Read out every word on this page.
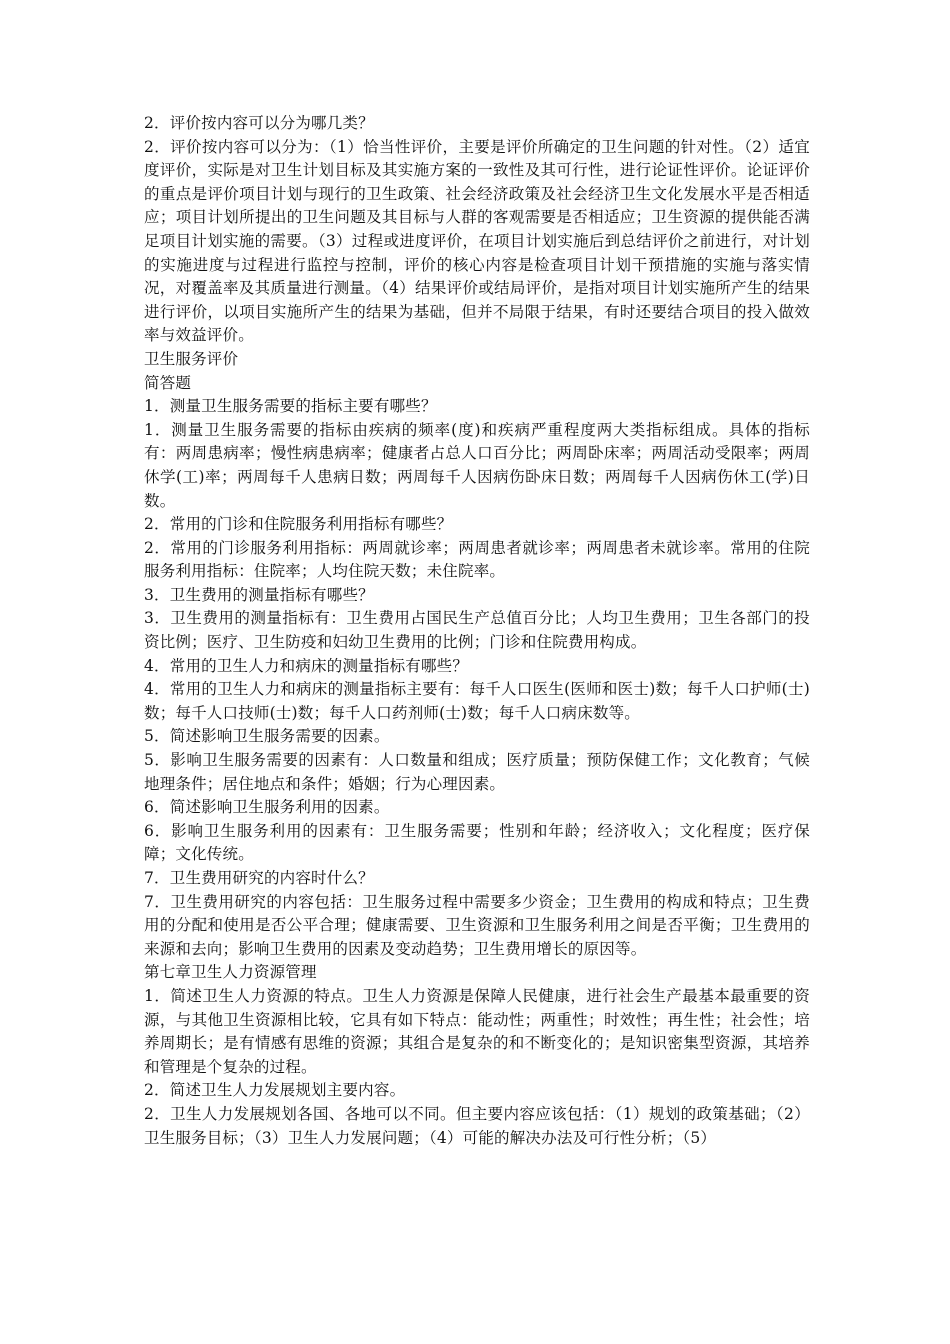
2．评价按内容可以分为哪几类？

2．评价按内容可以分为：（1）恰当性评价，主要是评价所确定的卫生问题的针对性。（2）适宜度评价，实际是对卫生计划目标及其实施方案的一致性及其可行性，进行论证性评价。论证评价的重点是评价项目计划与现行的卫生政策、社会经济政策及社会经济卫生文化发展水平是否相适应；项目计划所提出的卫生问题及其目标与人群的客观需要是否相适应；卫生资源的提供能否满足项目计划实施的需要。（3）过程或进度评价，在项目计划实施后到总结评价之前进行，对计划的实施进度与过程进行监控与控制，评价的核心内容是检查项目计划干预措施的实施与落实情况，对覆盖率及其质量进行测量。（4）结果评价或结局评价，是指对项目计划实施所产生的结果进行评价，以项目实施所产生的结果为基础，但并不局限于结果，有时还要结合项目的投入做效率与效益评价。

卫生服务评价

简答题

1．测量卫生服务需要的指标主要有哪些？

1．测量卫生服务需要的指标由疾病的频率(度)和疾病严重程度两大类指标组成。具体的指标有：两周患病率；慢性病患病率；健康者占总人口百分比；两周卧床率；两周活动受限率；两周休学(工)率；两周每千人患病日数；两周每千人因病伤卧床日数；两周每千人因病伤休工(学)日数。

2．常用的门诊和住院服务利用指标有哪些？

2．常用的门诊服务利用指标：两周就诊率；两周患者就诊率；两周患者未就诊率。常用的住院服务利用指标：住院率；人均住院天数；未住院率。

3．卫生费用的测量指标有哪些？

3．卫生费用的测量指标有：卫生费用占国民生产总值百分比；人均卫生费用；卫生各部门的投资比例；医疗、卫生防疫和妇幼卫生费用的比例；门诊和住院费用构成。

4．常用的卫生人力和病床的测量指标有哪些？

4．常用的卫生人力和病床的测量指标主要有：每千人口医生(医师和医士)数；每千人口护师(士)数；每千人口技师(士)数；每千人口药剂师(士)数；每千人口病床数等。

5．简述影响卫生服务需要的因素。

5．影响卫生服务需要的因素有：人口数量和组成；医疗质量；预防保健工作；文化教育；气候地理条件；居住地点和条件；婚姻；行为心理因素。

6．简述影响卫生服务利用的因素。

6．影响卫生服务利用的因素有：卫生服务需要；性别和年龄；经济收入；文化程度；医疗保障；文化传统。

7．卫生费用研究的内容时什么？

7．卫生费用研究的内容包括：卫生服务过程中需要多少资金；卫生费用的构成和特点；卫生费用的分配和使用是否公平合理；健康需要、卫生资源和卫生服务利用之间是否平衡；卫生费用的来源和去向；影响卫生费用的因素及变动趋势；卫生费用增长的原因等。

第七章卫生人力资源管理

1．简述卫生人力资源的特点。卫生人力资源是保障人民健康，进行社会生产最基本最重要的资源，与其他卫生资源相比较，它具有如下特点：能动性；两重性；时效性；再生性；社会性；培养周期长；是有情感有思维的资源；其组合是复杂的和不断变化的；是知识密集型资源，其培养和管理是个复杂的过程。

2．简述卫生人力发展规划主要内容。

2．卫生人力发展规划各国、各地可以不同。但主要内容应该包括：（1）规划的政策基础；（2）卫生服务目标；（3）卫生人力发展问题；（4）可能的解决办法及可行性分析；（5）
